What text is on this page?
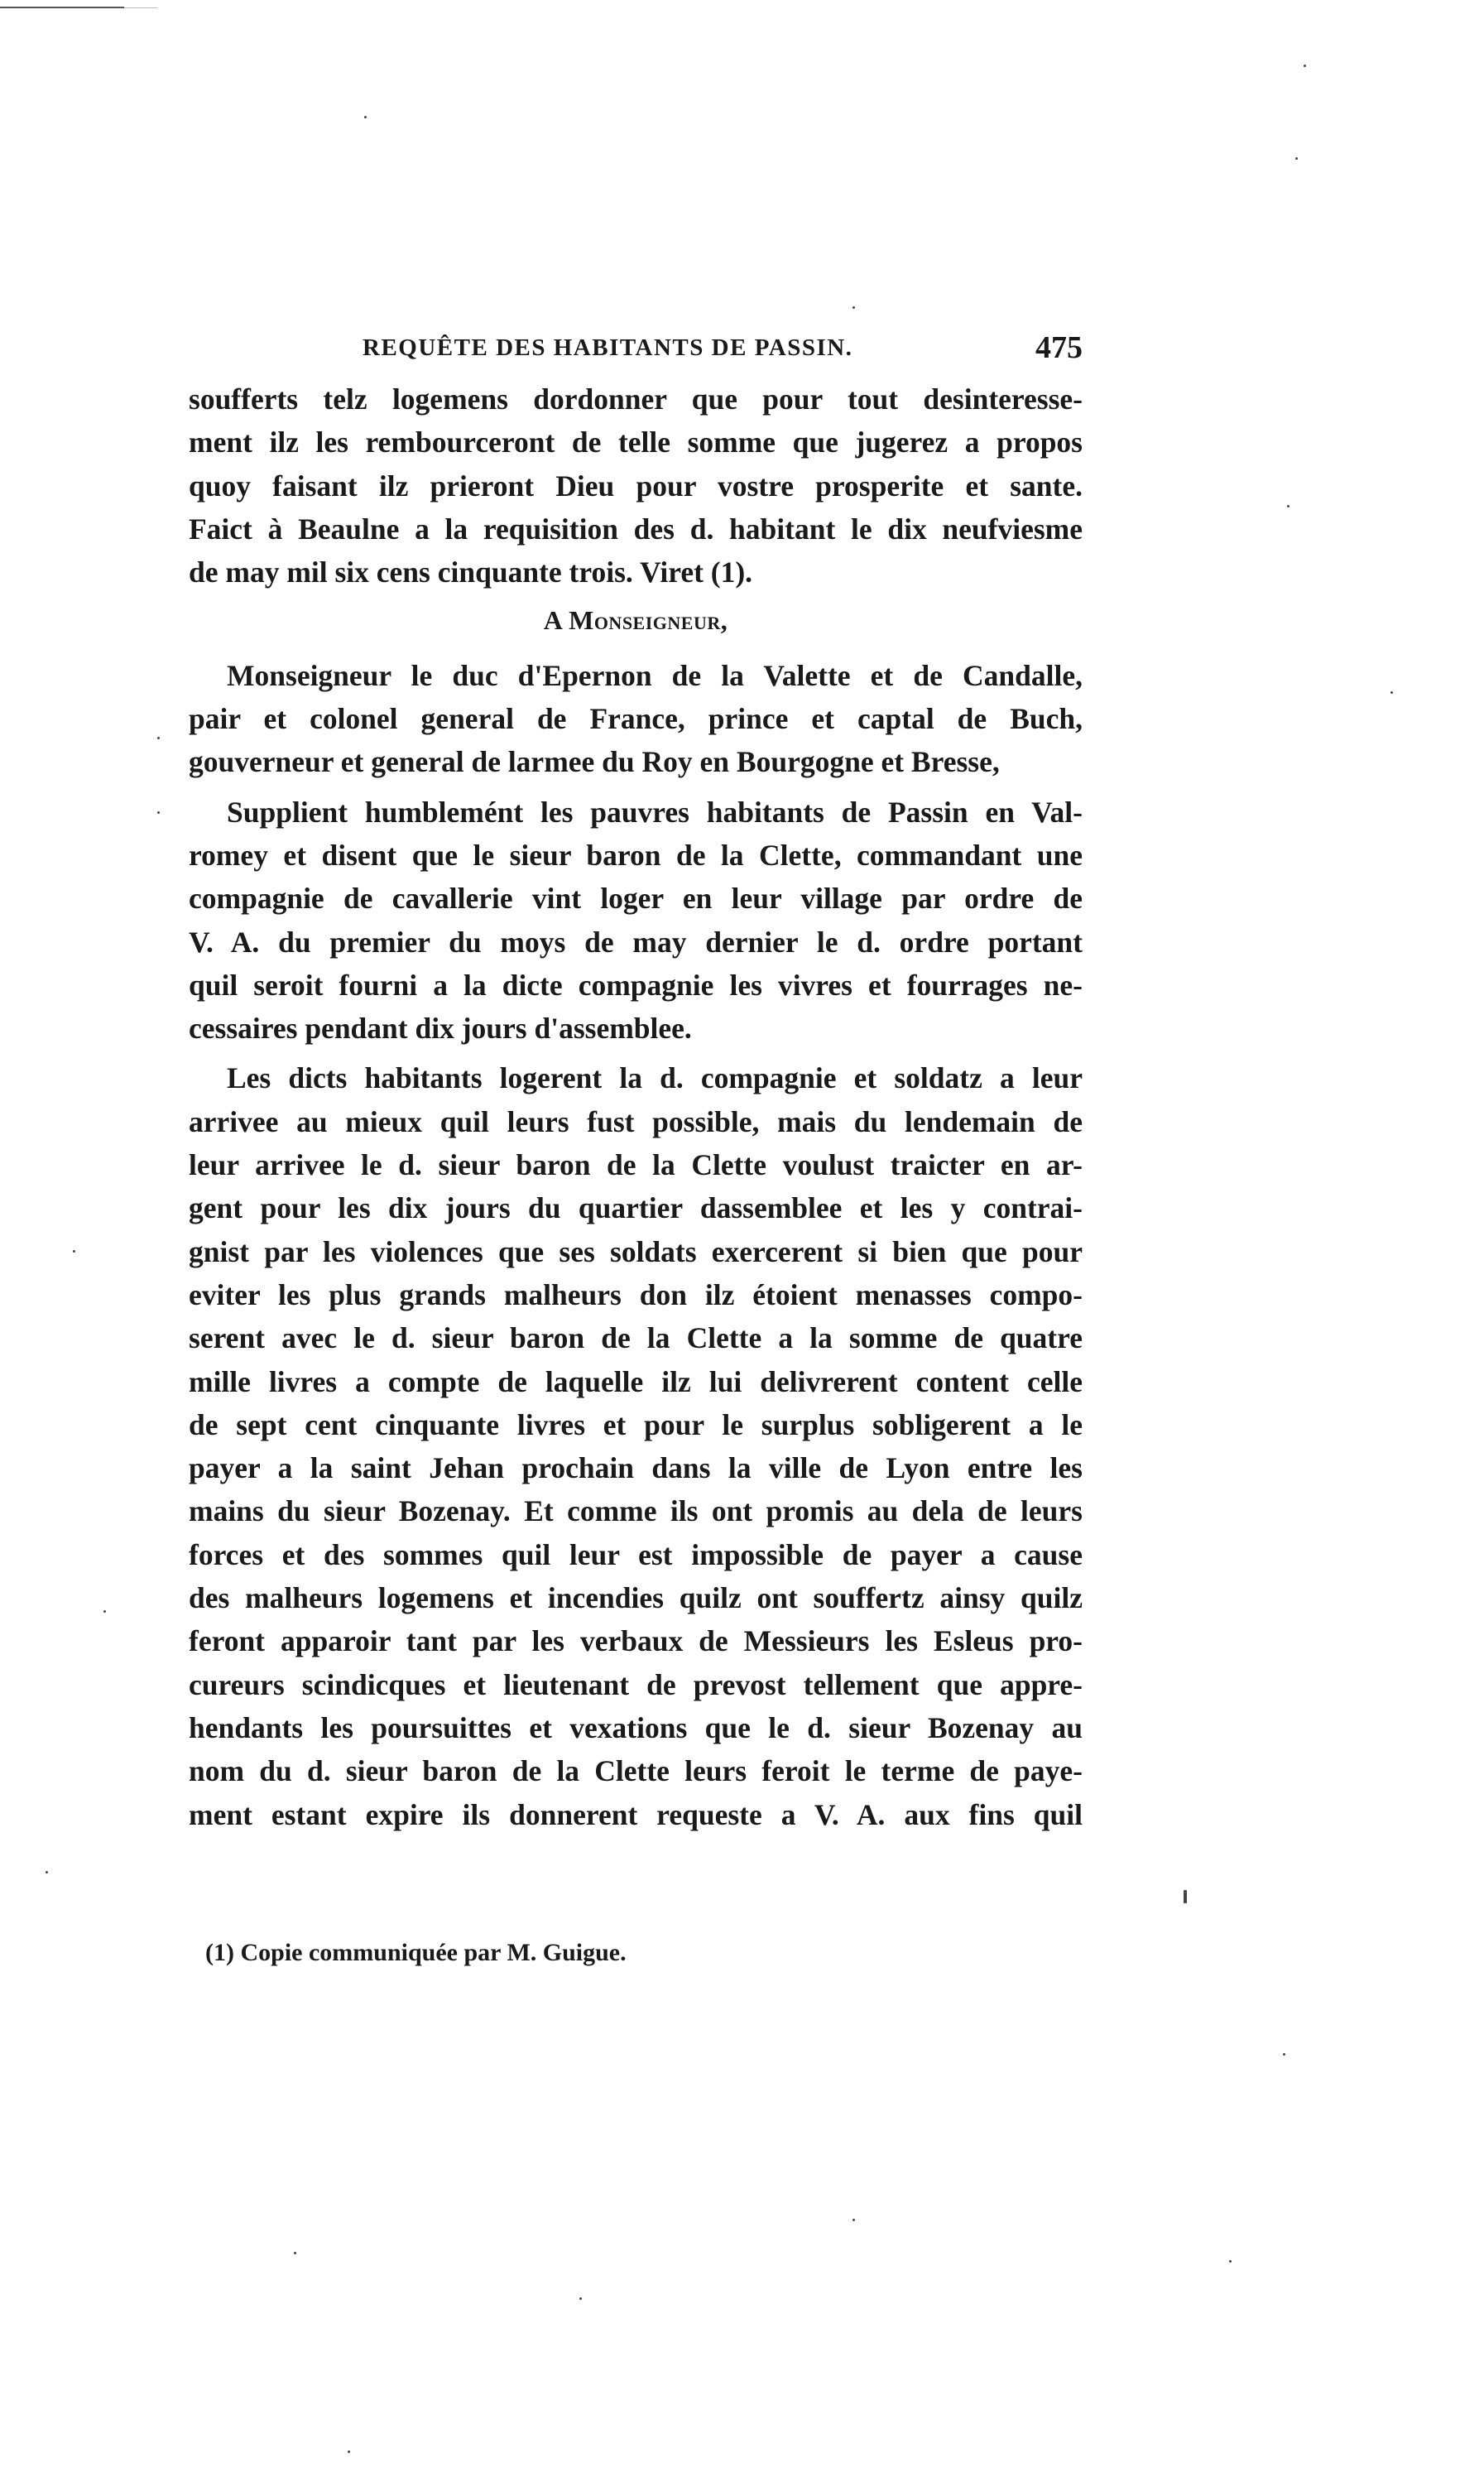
REQUÊTE DES HABITANTS DE PASSIN.	475
soufferts telz logemens dordonner que pour tout desinteresse-
ment ilz les rembourceront de telle somme que jugerez a propos
quoy faisant ilz prieront Dieu pour vostre prosperite et sante.
Faict à Beaulne a la requisition des d. habitant le dix neufviesme
de may mil six cens cinquante trois. Viret (1).
A Monseigneur,
Monseigneur le duc d'Epernon de la Valette et de Candalle,
pair et colonel general de France, prince et captal de Buch,
gouverneur et general de larmee du Roy en Bourgogne et Bresse,
Supplient humblemént les pauvres habitants de Passin en Val-
romey et disent que le sieur baron de la Clette, commandant une
compagnie de cavallerie vint loger en leur village par ordre de
V. A. du premier du moys de may dernier le d. ordre portant
quil seroit fourni a la dicte compagnie les vivres et fourrages ne-
cessaires pendant dix jours d'assemblee.
Les dicts habitants logerent la d. compagnie et soldatz a leur
arrivee au mieux quil leurs fust possible, mais du lendemain de
leur arrivee le d. sieur baron de la Clette voulust traicter en ar-
gent pour les dix jours du quartier dassemblee et les y contrai-
gnist par les violences que ses soldats exercerent si bien que pour
eviter les plus grands malheurs don ilz étoient menasses compo-
serent avec le d. sieur baron de la Clette a la somme de quatre
mille livres a compte de laquelle ilz lui delivrerent content celle
de sept cent cinquante livres et pour le surplus sobligerent a le
payer a la saint Jehan prochain dans la ville de Lyon entre les
mains du sieur Bozenay. Et comme ils ont promis au dela de leurs
forces et des sommes quil leur est impossible de payer a cause
des malheurs logemens et incendies quilz ont souffertz ainsy quilz
feront apparoir tant par les verbaux de Messieurs les Esleus pro-
cureurs scindicques et lieutenant de prevost tellement que appre-
hendants les poursuittes et vexations que le d. sieur Bozenay au
nom du d. sieur baron de la Clette leurs feroit le terme de paye-
ment estant expire ils donnerent requeste a V. A. aux fins quil
(1) Copie communiquée par M. Guigue.
